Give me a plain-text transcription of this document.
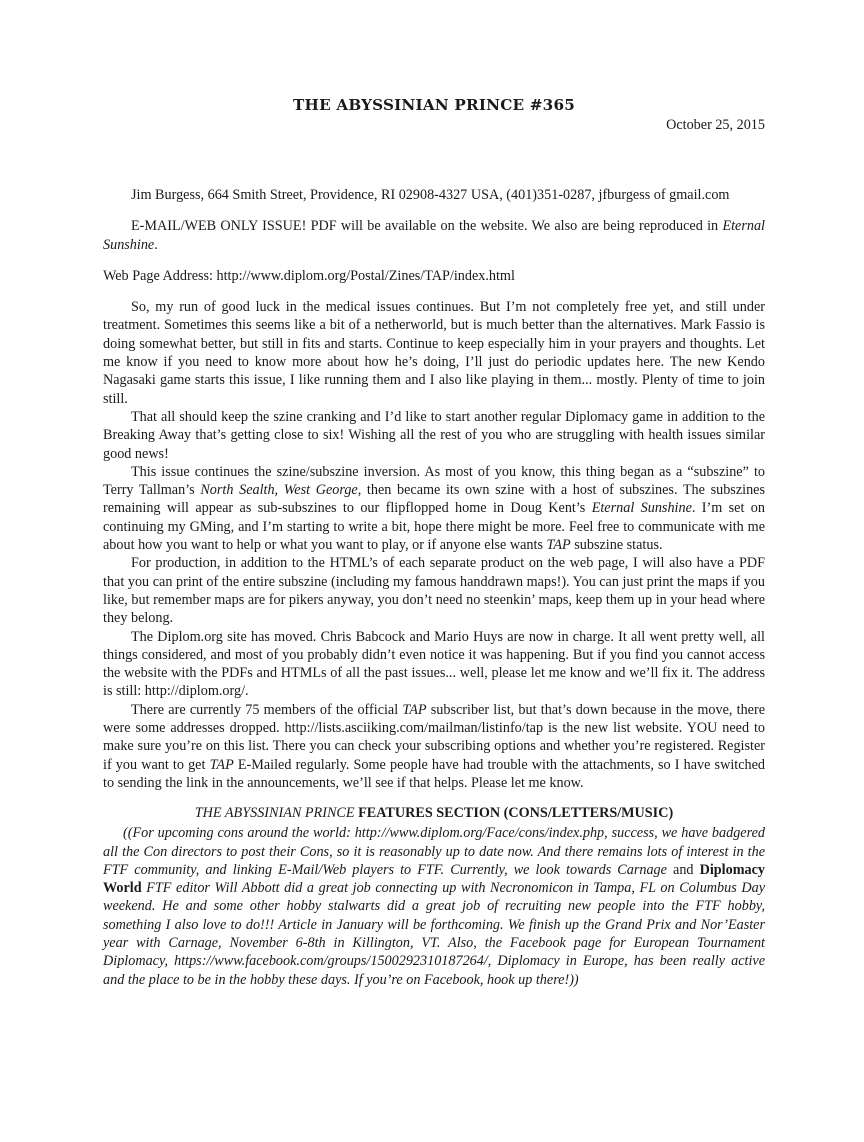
THE ABYSSINIAN PRINCE #365
October 25, 2015
Jim Burgess, 664 Smith Street, Providence, RI 02908-4327 USA, (401)351-0287, jfburgess of gmail.com
E-MAIL/WEB ONLY ISSUE! PDF will be available on the website. We also are being reproduced in Eternal Sunshine.
Web Page Address: http://www.diplom.org/Postal/Zines/TAP/index.html

So, my run of good luck in the medical issues continues. But I’m not completely free yet, and still under treatment. Sometimes this seems like a bit of a netherworld, but is much better than the alternatives. Mark Fassio is doing somewhat better, but still in fits and starts. Continue to keep especially him in your prayers and thoughts. Let me know if you need to know more about how he’s doing, I’ll just do periodic updates here. The new Kendo Nagasaki game starts this issue, I like running them and I also like playing in them... mostly. Plenty of time to join still.

That all should keep the szine cranking and I’d like to start another regular Diplomacy game in addition to the Breaking Away that’s getting close to six! Wishing all the rest of you who are struggling with health issues similar good news!

This issue continues the szine/subszine inversion. As most of you know, this thing began as a “subszine” to Terry Tallman’s North Sealth, West George, then became its own szine with a host of subszines. The subszines remaining will appear as sub-subszines to our flipflopped home in Doug Kent’s Eternal Sunshine. I’m set on continuing my GMing, and I’m starting to write a bit, hope there might be more. Feel free to communicate with me about how you want to help or what you want to play, or if anyone else wants TAP subszine status.

For production, in addition to the HTML’s of each separate product on the web page, I will also have a PDF that you can print of the entire subszine (including my famous handdrawn maps!). You can just print the maps if you like, but remember maps are for pikers anyway, you don’t need no steenkin’ maps, keep them up in your head where they belong.

The Diplom.org site has moved. Chris Babcock and Mario Huys are now in charge. It all went pretty well, all things considered, and most of you probably didn’t even notice it was happening. But if you find you cannot access the website with the PDFs and HTMLs of all the past issues... well, please let me know and we’ll fix it. The address is still: http://diplom.org/.

There are currently 75 members of the official TAP subscriber list, but that’s down because in the move, there were some addresses dropped. http://lists.asciiking.com/mailman/listinfo/tap is the new list website. YOU need to make sure you’re on this list. There you can check your subscribing options and whether you’re registered. Register if you want to get TAP E-Mailed regularly. Some people have had trouble with the attachments, so I have switched to sending the link in the announcements, we’ll see if that helps. Please let me know.

THE ABYSSINIAN PRINCE FEATURES SECTION (CONS/LETTERS/MUSIC)

((For upcoming cons around the world: http://www.diplom.org/Face/cons/index.php, success, we have badgered all the Con directors to post their Cons, so it is reasonably up to date now. And there remains lots of interest in the FTF community, and linking E-Mail/Web players to FTF. Currently, we look towards Carnage and Diplomacy World FTF editor Will Abbott did a great job connecting up with Necronomicon in Tampa, FL on Columbus Day weekend. He and some other hobby stalwarts did a great job of recruiting new people into the FTF hobby, something I also love to do!!! Article in January will be forthcoming. We finish up the Grand Prix and Nor’Easter year with Carnage, November 6-8th in Killington, VT. Also, the Facebook page for European Tournament Diplomacy, https://www.facebook.com/groups/1500292310187264/, Diplomacy in Europe, has been really active and the place to be in the hobby these days. If you’re on Facebook, hook up there!))
